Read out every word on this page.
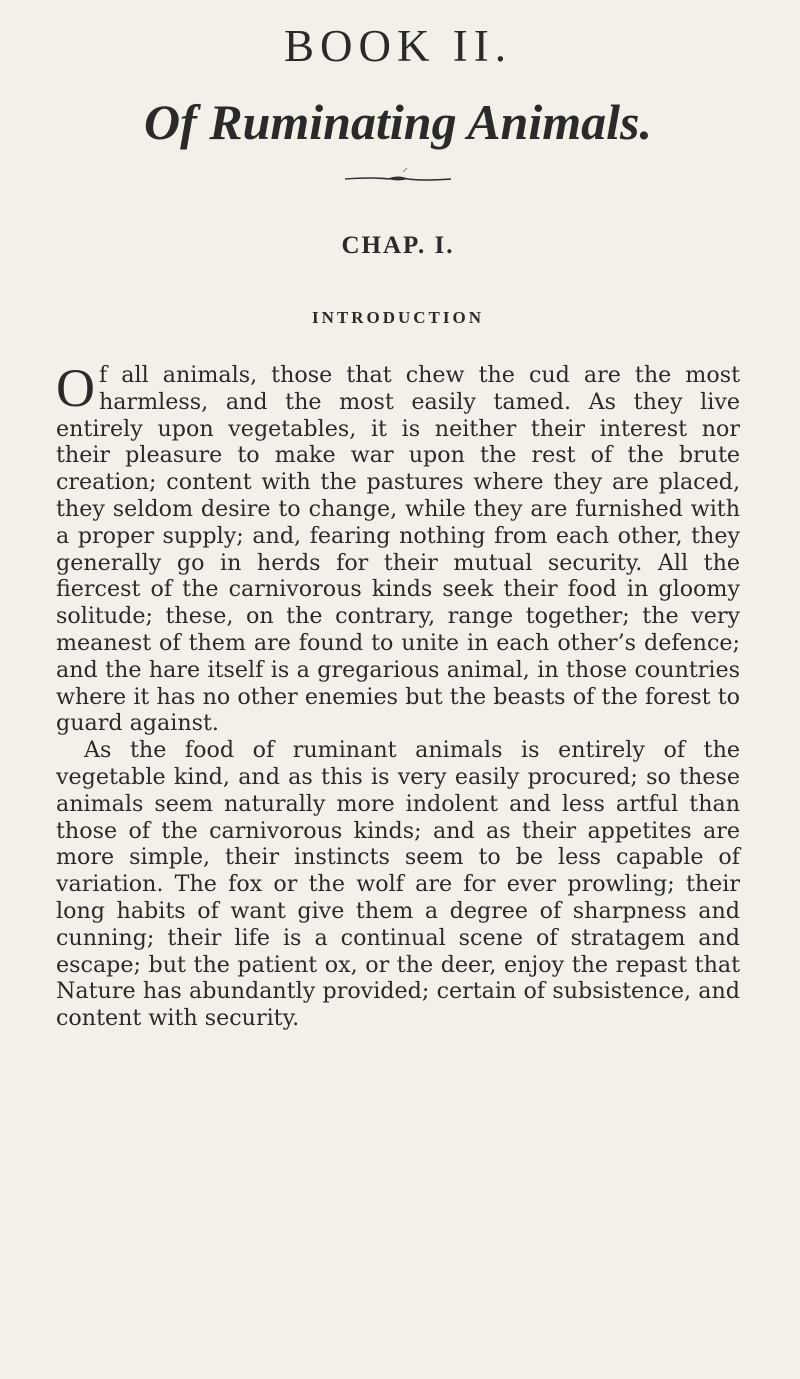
BOOK II.
Of Ruminating Animals.
CHAP. I.
INTRODUCTION

Of all animals, those that chew the cud are the most harmless, and the most easily tamed. As they live entirely upon vegetables, it is neither their interest nor their pleasure to make war upon the rest of the brute creation; content with the pastures where they are placed, they seldom desire to change, while they are furnished with a proper supply; and, fearing nothing from each other, they generally go in herds for their mutual security. All the fiercest of the carnivorous kinds seek their food in gloomy solitude; these, on the contrary, range together; the very meanest of them are found to unite in each other’s defence; and the hare itself is a gregarious animal, in those countries where it has no other enemies but the beasts of the forest to guard against.

As the food of ruminant animals is entirely of the vegetable kind, and as this is very easily procured; so these animals seem naturally more indolent and less artful than those of the carnivorous kinds; and as their appetites are more simple, their instincts seem to be less capable of variation. The fox or the wolf are for ever prowling; their long habits of want give them a degree of sharpness and cunning; their life is a continual scene of stratagem and escape; but the patient ox, or the deer, enjoy the repast that Nature has abundantly provided; certain of subsistence, and content with security.
